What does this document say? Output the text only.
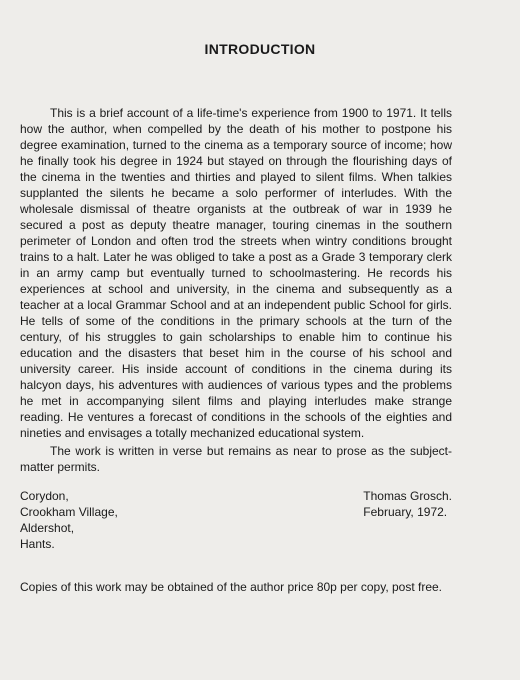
INTRODUCTION

This is a brief account of a life-time's experience from 1900 to 1971. It tells how the author, when compelled by the death of his mother to postpone his degree examination, turned to the cinema as a temporary source of income; how he finally took his degree in 1924 but stayed on through the flourishing days of the cinema in the twenties and thirties and played to silent films. When talkies supplanted the silents he became a solo performer of interludes. With the wholesale dismissal of theatre organists at the outbreak of war in 1939 he secured a post as deputy theatre manager, touring cinemas in the southern perimeter of London and often trod the streets when wintry conditions brought trains to a halt. Later he was obliged to take a post as a Grade 3 temporary clerk in an army camp but eventually turned to schoolmastering. He records his experiences at school and university, in the cinema and subsequently as a teacher at a local Grammar School and at an independent public School for girls. He tells of some of the conditions in the primary schools at the turn of the century, of his struggles to gain scholarships to enable him to continue his education and the disasters that beset him in the course of his school and university career. His inside account of conditions in the cinema during its halcyon days, his adventures with audiences of various types and the problems he met in accompanying silent films and playing interludes make strange reading. He ventures a forecast of conditions in the schools of the eighties and nineties and envisages a totally mechanized educational system.

The work is written in verse but remains as near to prose as the subject-matter permits.

Corydon,
Crookham Village,
Aldershot,
Hants.
Thomas Grosch.
February, 1972.
Copies of this work may be obtained of the author price 80p per copy, post free.
